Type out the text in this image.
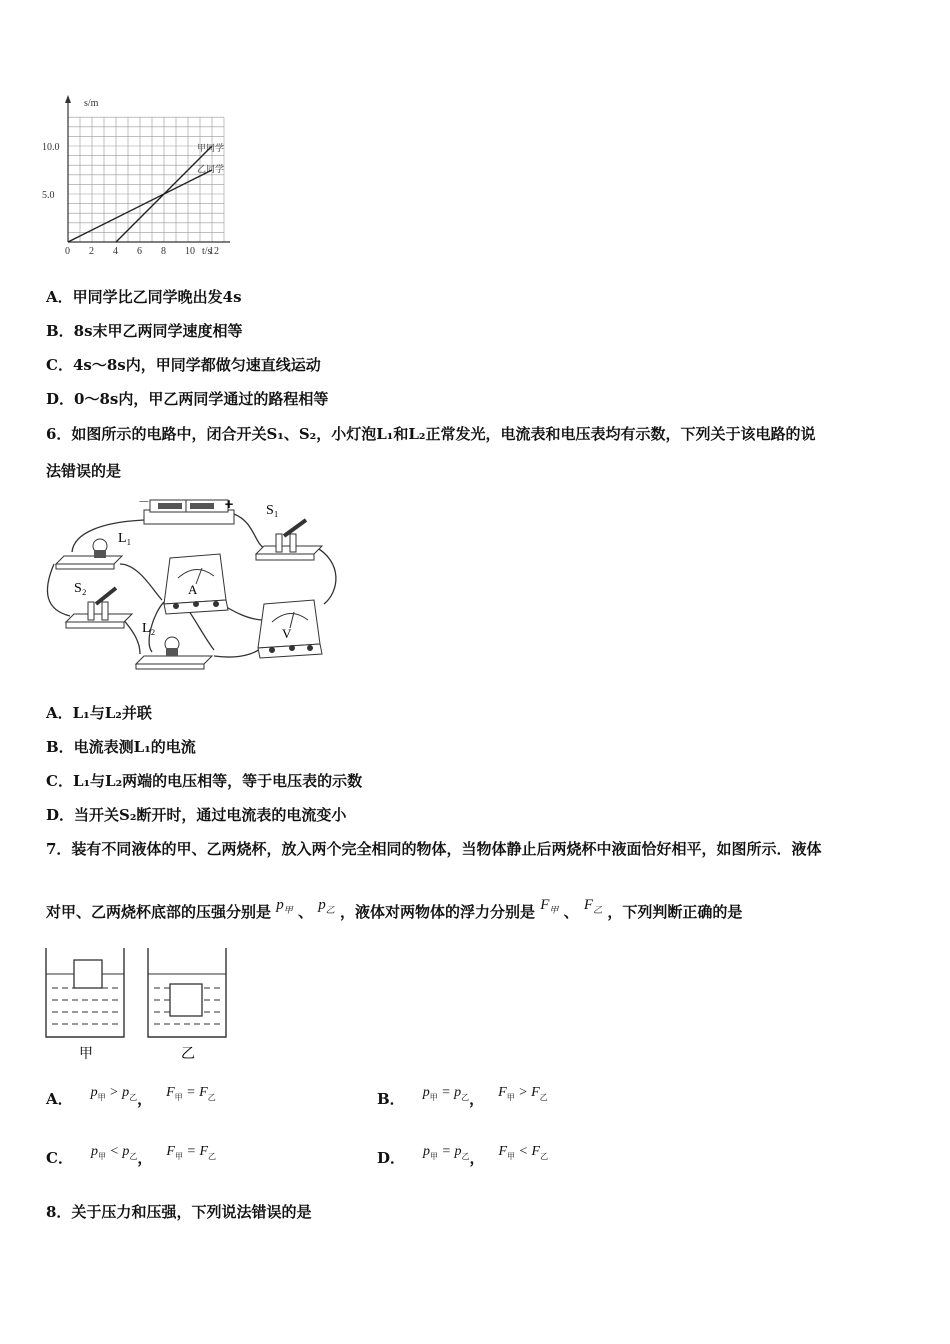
s/m
t/s
0 2 4 6 8 10 12
10.0
5.0
甲同学
乙同学
A．甲同学比乙同学晚出发4s
B．8s末甲乙两同学速度相等
C．4s～8s内，甲同学都做匀速直线运动
D．0～8s内，甲乙两同学通过的路程相等
6．如图所示的电路中，闭合开关S₁、S₂，小灯泡L₁和L₂正常发光，电流表和电压表均有示数，下列关于该电路的说
法错误的是
－	+ S₁
L₁
S₂
L₂
A
V
A．L₁与L₂并联
B．电流表测L₁的电流
C．L₁与L₂两端的电压相等，等于电压表的示数
D．当开关S₂断开时，通过电流表的电流变小
7．装有不同液体的甲、乙两烧杯，放入两个完全相同的物体，当物体静止后两烧杯中液面恰好相平，如图所示．液体
对甲、乙两烧杯底部的压强分别是 $p_甲$ 、 $p_乙$ ，液体对两物体的浮力分别是 $F_甲$ 、 $F_乙$ ，下列判断正确的是
甲	乙
A． $p^甲 > p^乙$， $F^甲 = F^乙$	B． $p^甲 = p^乙$， $F^甲 > F^乙$
C． $p^甲 < p^乙$， $F^甲 = F^乙$	D． $p^甲 = p^乙$， $F^甲 < F^乙$
8．关于压力和压强，下列说法错误的是
